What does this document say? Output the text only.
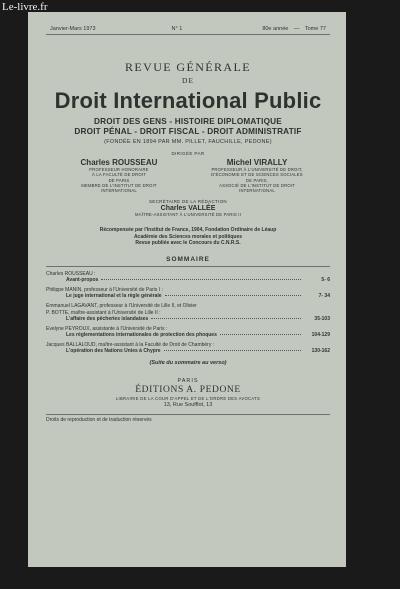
Le-livre.fr
Janvier-Mars 1973	N° 1	80e année — Tome 77
REVUE GÉNÉRALE
DE
Droit International Public
DROIT DES GENS - HISTOIRE DIPLOMATIQUE
DROIT PÉNAL - DROIT FISCAL - DROIT ADMINISTRATIF
(FONDÉE EN 1894 PAR MM. PILLET, FAUCHILLE, PEDONE)
DIRIGÉE PAR
Charles ROUSSEAU
PROFESSEUR HONORAIRE
À LA FACULTÉ DE DROIT
DE PARIS
MEMBRE DE L'INSTITUT DE DROIT
INTERNATIONAL
Michel VIRALLY
PROFESSEUR À L'UNIVERSITÉ DE DROIT,
D'ÉCONOMIE ET DE SCIENCES SOCIALES
DE PARIS,
ASSOCIÉ DE L'INSTITUT DE DROIT
INTERNATIONAL
SECRÉTAIRE DE LA RÉDACTION
Charles VALLÉE
MAÎTRE-ASSISTANT À L'UNIVERSITÉ DE PARIS II
Récompensée par l'Institut de France, 1904, Fondation Ordinaire de Léaup
Académie des Sciences morales et politiques
Revue publiée avec le Concours du C.N.R.S.
SOMMAIRE
Charles ROUSSEAU :
Avant-propos	5- 6
Philippe MANIN, professeur à l'Université de Paris I :
Le juge international et la règle générale	7- 34
Emmanuel LAGAVANT, professeur à l'Université de Lille II, et Olivier
P. BOTTE, maître-assistant à l'Université de Lille II :
L'affaire des pêcheries islandaises	35-103
Evelyne PEYROUX, assistante à l'Université de Paris :
Les réglementations internationales de protection des phoques	104-129
Jacques BALLALOUD, maître-assistant à la Faculté de Droit de Chambéry :
L'opération des Nations Unies à Chypre	130-162
(Suite du sommaire au verso)
PARIS
ÉDITIONS A. PEDONE
LIBRAIRIE DE LA COUR D'APPEL ET DE L'ORDRE DES AVOCATS
13, Rue Soufflot, 13
Droits de reproduction et de traduction réservés
